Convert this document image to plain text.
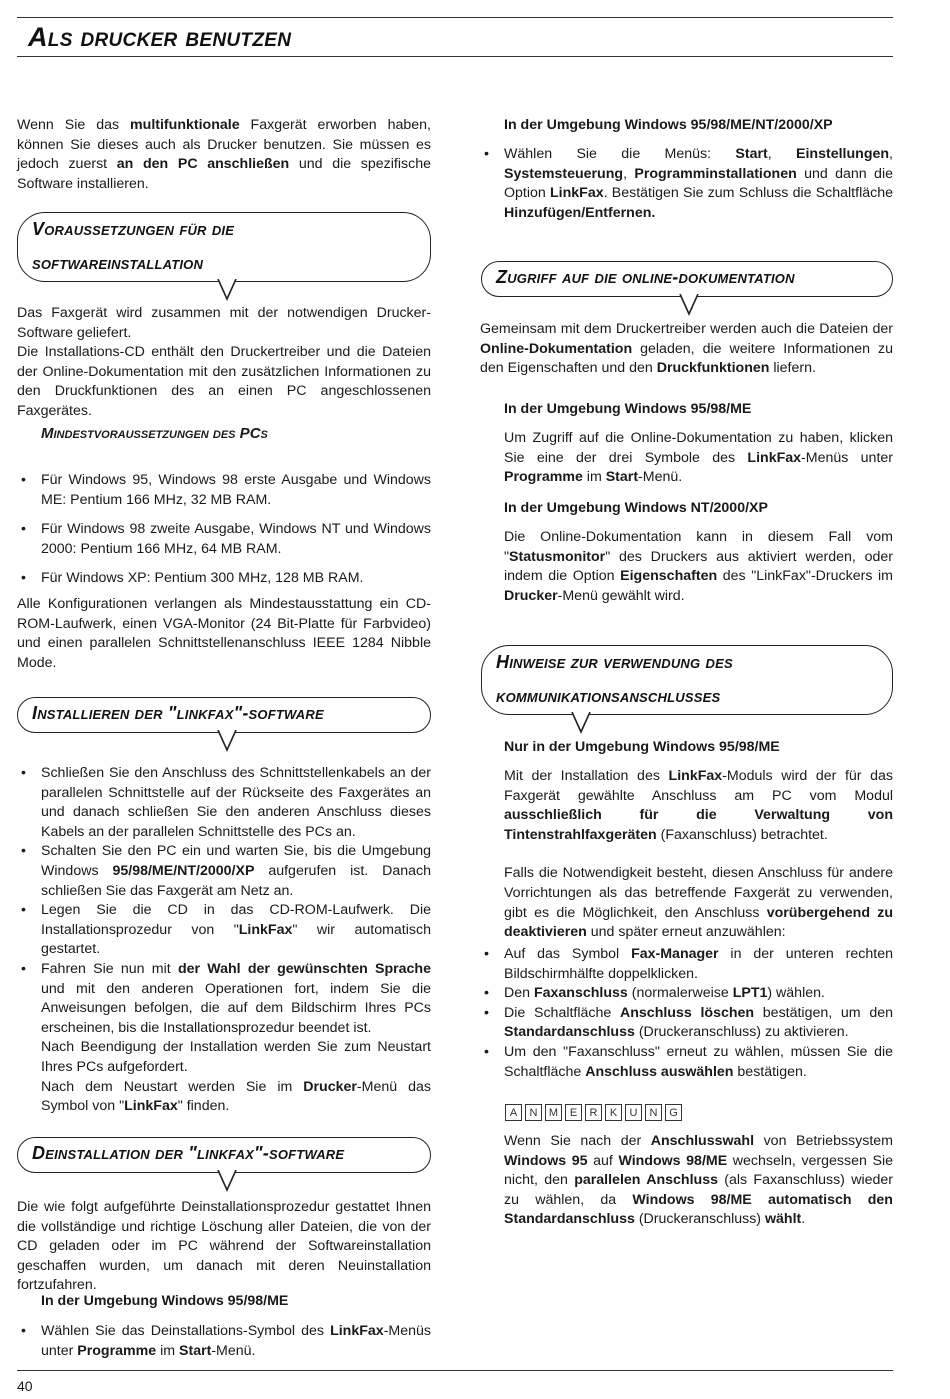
Als drucker benutzen

Wenn Sie das multifunktionale Faxgerät erworben haben, können Sie dieses auch als Drucker benutzen. Sie müssen es jedoch zuerst an den PC anschließen und die spezifische Software installieren.

Voraussetzungen für die
softwareinstallation

Das Faxgerät wird zusammen mit der notwendigen Drucker-Software geliefert.

Die Installations-CD enthält den Druckertreiber und die Dateien der Online-Dokumentation mit den zusätzlichen Informationen zu den Druckfunktionen des an einen PC angeschlossenen Faxgerätes.

Mindestvoraussetzungen des PCs
• Für Windows 95, Windows 98 erste Ausgabe und Windows ME: Pentium 166 MHz, 32 MB RAM.
• Für Windows 98 zweite Ausgabe, Windows NT und Windows 2000: Pentium 166 MHz, 64 MB RAM.
• Für Windows XP: Pentium 300 MHz, 128 MB RAM.

Alle Konfigurationen verlangen als Mindestausstattung ein CD-ROM-Laufwerk, einen VGA-Monitor (24 Bit-Platte für Farbvideo) und einen parallelen Schnittstellenanschluss IEEE 1284 Nibble Mode.

Installieren der "linkfax"-software
• Schließen Sie den Anschluss des Schnittstellenkabels an der parallelen Schnittstelle auf der Rückseite des Faxgerätes an und danach schließen Sie den anderen Anschluss dieses Kabels an der parallelen Schnittstelle des PCs an.
• Schalten Sie den PC ein und warten Sie, bis die Umgebung Windows 95/98/ME/NT/2000/XP aufgerufen ist. Danach schließen Sie das Faxgerät am Netz an.
• Legen Sie die CD in das CD-ROM-Laufwerk. Die Installationsprozedur von "LinkFax" wir automatisch gestartet.
• Fahren Sie nun mit der Wahl der gewünschten Sprache und mit den anderen Operationen fort, indem Sie die Anweisungen befolgen, die auf dem Bildschirm Ihres PCs erscheinen, bis die Installationsprozedur beendet ist.

Nach Beendigung der Installation werden Sie zum Neustart Ihres PCs aufgefordert.

Nach dem Neustart werden Sie im Drucker-Menü das Symbol von "LinkFax" finden.

Deinstallation der "linkfax"-software

Die wie folgt aufgeführte Deinstallationsprozedur gestattet Ihnen die vollständige und richtige Löschung aller Dateien, die von der CD geladen oder im PC während der Softwareinstallation geschaffen wurden, um danach mit deren Neuinstallation fortzufahren.

In der Umgebung Windows 95/98/ME
• Wählen Sie das Deinstallations-Symbol des LinkFax-Menüs unter Programme im Start-Menü.
In der Umgebung Windows 95/98/ME/NT/2000/XP
• Wählen Sie die Menüs: Start, Einstellungen, Systemsteuerung, Programminstallationen und dann die Option LinkFax. Bestätigen Sie zum Schluss die Schaltfläche Hinzufügen/Entfernen.
Zugriff auf die online-dokumentation

Gemeinsam mit dem Druckertreiber werden auch die Dateien der Online-Dokumentation geladen, die weitere Informationen zu den Eigenschaften und den Druckfunktionen liefern.

In der Umgebung Windows 95/98/ME

Um Zugriff auf die Online-Dokumentation zu haben, klicken Sie eine der drei Symbole des LinkFax-Menüs unter Programme im Start-Menü.

In der Umgebung Windows NT/2000/XP

Die Online-Dokumentation kann in diesem Fall vom "Statusmonitor" des Druckers aus aktiviert werden, oder indem die Option Eigenschaften des "LinkFax"-Druckers im Drucker-Menü gewählt wird.

Hinweise zur verwendung des
kommunikationsanschlusses
Nur in der Umgebung Windows 95/98/ME

Mit der Installation des LinkFax-Moduls wird der für das Faxgerät gewählte Anschluss am PC vom Modul ausschließlich für die Verwaltung von Tintenstrahlfaxgeräten (Faxanschluss) betrachtet.

Falls die Notwendigkeit besteht, diesen Anschluss für andere Vorrichtungen als das betreffende Faxgerät zu verwenden, gibt es die Möglichkeit, den Anschluss vorübergehend zu deaktivieren und später erneut anzuwählen:

• Auf das Symbol Fax-Manager in der unteren rechten Bildschirmhälfte doppelklicken.
• Den Faxanschluss (normalerweise LPT1) wählen.
• Die Schaltfläche Anschluss löschen bestätigen, um den Standardanschluss (Druckeranschluss) zu aktivieren.
• Um den "Faxanschluss" erneut zu wählen, müssen Sie die Schaltfläche Anschluss auswählen bestätigen.
A	N	M	E	R	K	U	N	G

Wenn Sie nach der Anschlusswahl von Betriebssystem Windows 95 auf Windows 98/ME wechseln, vergessen Sie nicht, den parallelen Anschluss (als Faxanschluss) wieder zu wählen, da Windows 98/ME automatisch den Standardanschluss (Druckeranschluss) wählt.

40
